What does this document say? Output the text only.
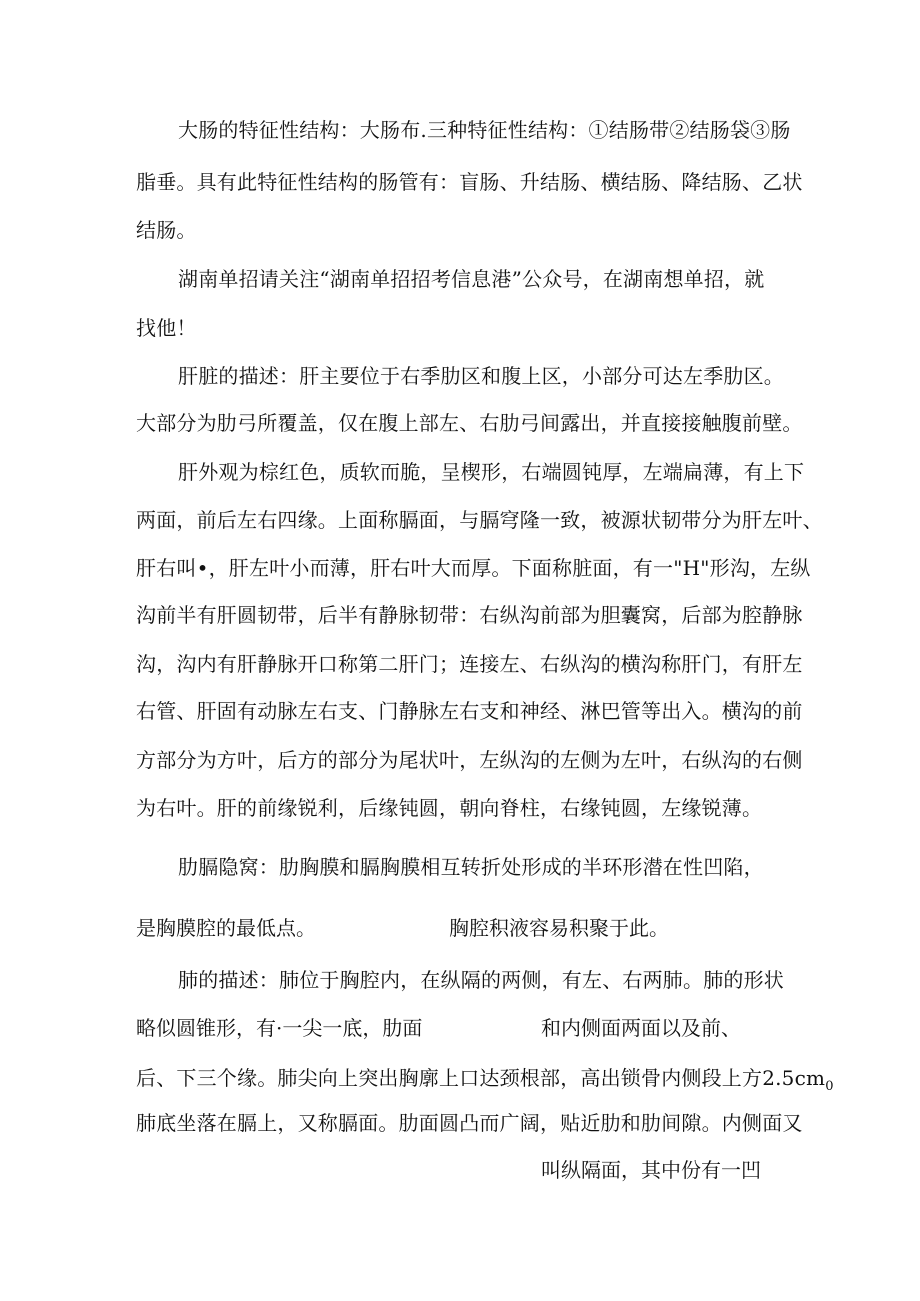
大肠的特征性结构：大肠布.三种特征性结构：①结肠带②结肠袋③肠
脂垂。具有此特征性结构的肠管有：盲肠、升结肠、横结肠、降结肠、乙状
结肠。
湖南单招请关注“湖南单招招考信息港”公众号，在湖南想单招，就
找他！
肝脏的描述：肝主要位于右季肋区和腹上区，小部分可达左季肋区。
大部分为肋弓所覆盖，仅在腹上部左、右肋弓间露出，并直接接触腹前壁。
肝外观为棕红色，质软而脆，呈楔形，右端圆钝厚，左端扁薄，有上下
两面，前后左右四缘。上面称膈面，与膈穹隆一致，被源状韧带分为肝左叶、
肝右叫•，肝左叶小而薄，肝右叶大而厚。下面称脏面，有一"H"形沟，左纵
沟前半有肝圆韧带，后半有静脉韧带：右纵沟前部为胆囊窝，后部为腔静脉
沟，沟内有肝静脉开口称第二肝门；连接左、右纵沟的横沟称肝门，有肝左
右管、肝固有动脉左右支、门静脉左右支和神经、淋巴管等出入。横沟的前
方部分为方叶，后方的部分为尾状叶，左纵沟的左侧为左叶，右纵沟的右侧
为右叶。肝的前缘锐利，后缘钝圆，朝向脊柱，右缘钝圆，左缘锐薄。
肋膈隐窝：肋胸膜和膈胸膜相互转折处形成的半环形潜在性凹陷，
是胸膜腔的最低点。	胸腔积液容易积聚于此。
肺的描述：肺位于胸腔内，在纵隔的两侧，有左、右两肺。肺的形状
略似圆锥形，有·一尖一底，肋面	和内侧面两面以及前、
后、下三个缘。肺尖向上突出胸廓上口达颈根部，高出锁骨内侧段上方$2.5cm_0$
肺底坐落在膈上，又称膈面。肋面圆凸而广阔，贴近肋和肋间隙。内侧面又
叫纵隔面，其中份有一凹
